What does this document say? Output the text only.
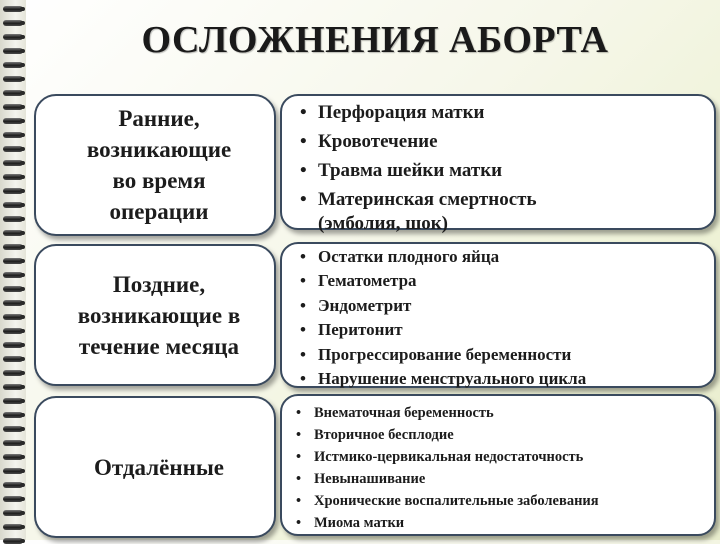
ОСЛОЖНЕНИЯ АБОРТА
Ранние,
возникающие
во время
операции
• Перфорация матки
• Кровотечение
• Травма шейки матки
• Материнская смертность
(эмболия, шок)
Поздние,
возникающие в
течение месяца
• Остатки плодного яйца
• Гематометра
• Эндометрит
• Перитонит
• Прогрессирование беременности
• Нарушение менструального цикла
Отдалённые
• Внематочная беременность
• Вторичное бесплодие
• Истмико-цервикальная недостаточность
• Невынашивание
• Хронические воспалительные заболевания
• Миома матки
